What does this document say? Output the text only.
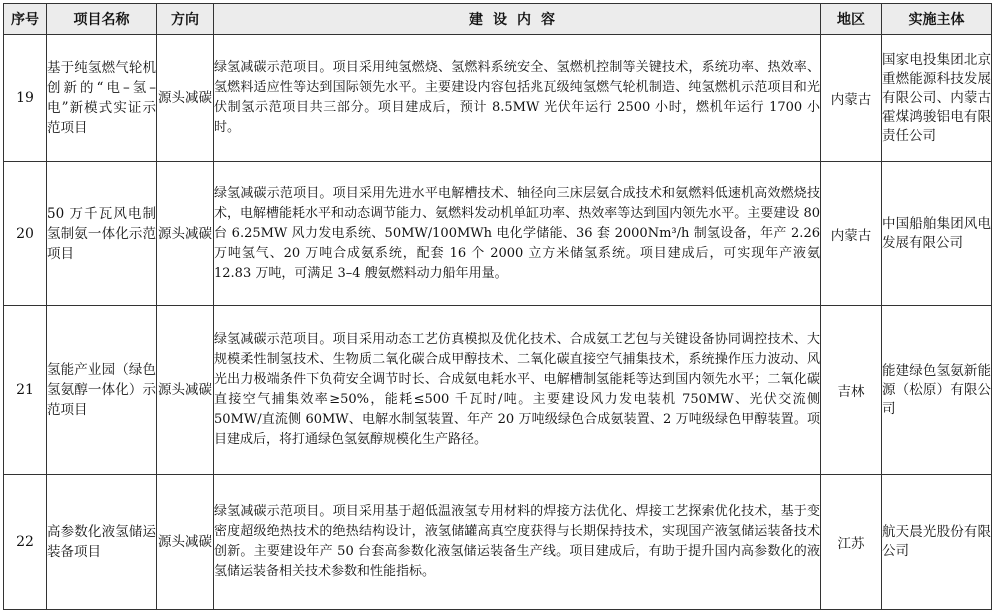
序号	项目名称	方向	建设内容	地区	实施主体
19	基于纯氢燃气轮机创新的“电–氢–电”新模式实证示范项目	源头减碳	绿氢减碳示范项目。项目采用纯氢燃烧、氢燃料系统安全、氢燃机控制等关键技术，系统功率、热效率、氢燃料适应性等达到国际领先水平。主要建设内容包括兆瓦级纯氢燃气轮机制造、纯氢燃机示范项目和光伏制氢示范项目共三部分。项目建成后，预计 8.5MW 光伏年运行 2500 小时，燃机年运行 1700 小时。	内蒙古	国家电投集团北京重燃能源科技发展有限公司、内蒙古霍煤鸿骏铝电有限责任公司
20	50 万千瓦风电制氢制氨一体化示范项目	源头减碳	绿氢减碳示范项目。项目采用先进水平电解槽技术、轴径向三床层氨合成技术和氨燃料低速机高效燃烧技术，电解槽能耗水平和动态调节能力、氨燃料发动机单缸功率、热效率等达到国内领先水平。主要建设 80 台 6.25MW 风力发电系统、50MW/100MWh 电化学储能、36 套 2000Nm³/h 制氢设备，年产 2.26 万吨氢气、20 万吨合成氨系统，配套 16 个 2000 立方米储氢系统。项目建成后，可实现年产液氨 12.83 万吨，可满足 3–4 艘氨燃料动力船年用量。	内蒙古	中国船舶集团风电发展有限公司
21	氢能产业园（绿色氢氨醇一体化）示范项目	源头减碳	绿氢减碳示范项目。项目采用动态工艺仿真模拟及优化技术、合成氨工艺包与关键设备协同调控技术、大规模柔性制氢技术、生物质二氧化碳合成甲醇技术、二氧化碳直接空气捕集技术，系统操作压力波动、风光出力极端条件下负荷安全调节时长、合成氨电耗水平、电解槽制氢能耗等达到国内领先水平；二氧化碳直接空气捕集效率≥50%，能耗≤500 千瓦时/吨。主要建设风力发电装机 750MW、光伏交流侧 50MW/直流侧 60MW、电解水制氢装置、年产 20 万吨级绿色合成氨装置、2 万吨级绿色甲醇装置。项目建成后，将打通绿色氢氨醇规模化生产路径。	吉林	能建绿色氢氨新能源（松原）有限公司
22	高参数化液氢储运装备项目	源头减碳	绿氢减碳示范项目。项目采用基于超低温液氢专用材料的焊接方法优化、焊接工艺探索优化技术，基于变密度超级绝热技术的绝热结构设计，液氢储罐高真空度获得与长期保持技术，实现国产液氢储运装备技术创新。主要建设年产 50 台套高参数化液氢储运装备生产线。项目建成后，有助于提升国内高参数化的液氢储运装备相关技术参数和性能指标。	江苏	航天晨光股份有限公司
